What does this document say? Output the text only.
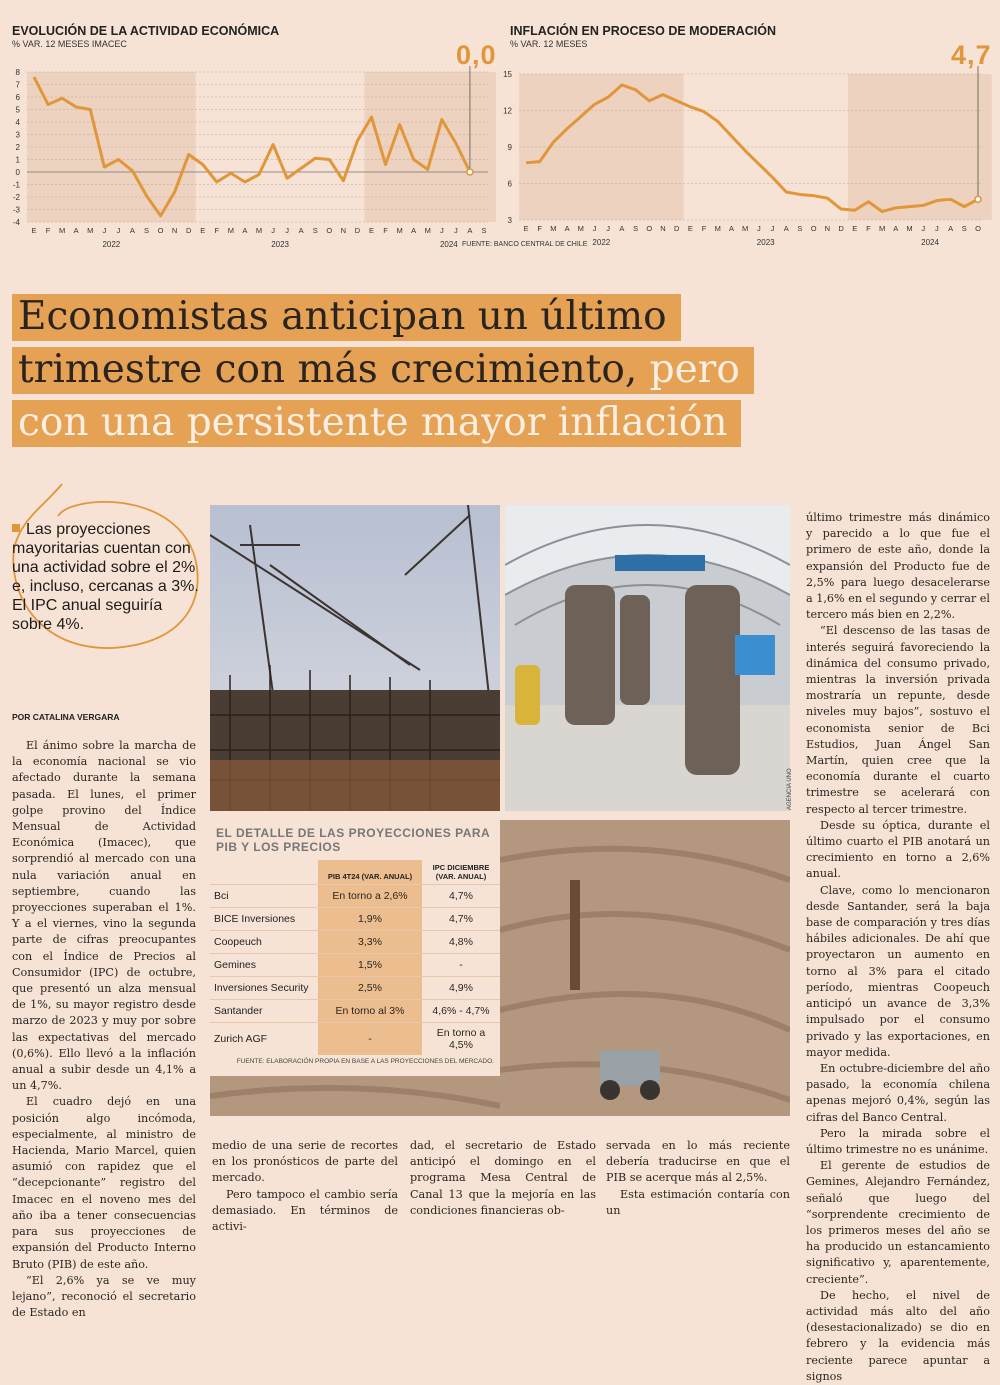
EVOLUCIÓN DE LA ACTIVIDAD ECONÓMICA
% VAR. 12 MESES IMACEC	0,0
8
7
6
5
4
3
2
1
0
-1
-2
-3
-4
E F M A M J J A S O N D E F M A M J J A S O N D E F M A M J J A S
2022	2023	2024
INFLACIÓN EN PROCESO DE MODERACIÓN
% VAR. 12 MESES	4,7
15
12
9
6
3
E F M A M J J A S O N D E F M A M J J A S O N D E F M A M J J A S O
2022	2023	2024
FUENTE: BANCO CENTRAL DE CHILE
Economistas anticipan un último
trimestre con más crecimiento, pero
con una persistente mayor inflación
Las proyecciones mayoritarias cuentan con una actividad sobre el 2% e, incluso, cercanas a 3%. El IPC anual seguiría sobre 4%.
POR CATALINA VERGARA
AGENCIA UNO
EL DETALLE DE LAS PROYECCIONES PARA
PIB Y LOS PRECIOS
	PIB 4T24 (VAR. ANUAL)	IPC DICIEMBRE (VAR. ANUAL)
Bci	En torno a 2,6%	4,7%
BICE Inversiones	1,9%	4,7%
Coopeuch	3,3%	4,8%
Gemines	1,5%	-
Inversiones Security	2,5%	4,9%
Santander	En torno al 3%	4,6% - 4,7%
Zurich AGF	-	En torno a 4,5%
FUENTE: ELABORACIÓN PROPIA EN BASE A LAS PROYECCIONES DEL MERCADO.

El ánimo sobre la marcha de la economía nacional se vio afectado durante la semana pasada. El lunes, el primer golpe provino del Índice Mensual de Actividad Económica (Imacec), que sorprendió al mercado con una nula variación anual en septiembre, cuando las proyecciones superaban el 1%. Y a el viernes, vino la segunda parte de cifras preocupantes con el Índice de Precios al Consumidor (IPC) de octubre, que presentó un alza mensual de 1%, su mayor registro desde marzo de 2023 y muy por sobre las expectativas del mercado (0,6%). Ello llevó a la inflación anual a subir desde un 4,1% a un 4,7%.

El cuadro dejó en una posición algo incómoda, especialmente, al ministro de Hacienda, Mario Marcel, quien asumió con rapidez que el “decepcionante” registro del Imacec en el noveno mes del año iba a tener consecuencias para sus proyecciones de expansión del Producto Interno Bruto (PIB) de este año.

“El 2,6% ya se ve muy lejano”, reconoció el secretario de Estado en

medio de una serie de recortes en los pronósticos de parte del mercado.

Pero tampoco el cambio sería demasiado. En términos de activi-

dad, el secretario de Estado anticipó el domingo en el programa Mesa Central de Canal 13 que la mejoría en las condiciones financieras ob-

servada en lo más reciente debería traducirse en que el PIB se acerque más al 2,5%.

Esta estimación contaría con un

último trimestre más dinámico y parecido a lo que fue el primero de este año, donde la expansión del Producto fue de 2,5% para luego desacelerarse a 1,6% en el segundo y cerrar el tercero más bien en 2,2%.

“El descenso de las tasas de interés seguirá favoreciendo la dinámica del consumo privado, mientras la inversión privada mostraría un repunte, desde niveles muy bajos”, sostuvo el economista senior de Bci Estudios, Juan Ángel San Martín, quien cree que la economía durante el cuarto trimestre se acelerará con respecto al tercer trimestre.

Desde su óptica, durante el último cuarto el PIB anotará un crecimiento en torno a 2,6% anual.

Clave, como lo mencionaron desde Santander, será la baja base de comparación y tres días hábiles adicionales. De ahí que proyectaron un aumento en torno al 3% para el citado período, mientras Coopeuch anticipó un avance de 3,3% impulsado por el consumo privado y las exportaciones, en mayor medida.

En octubre-diciembre del año pasado, la economía chilena apenas mejoró 0,4%, según las cifras del Banco Central.

Pero la mirada sobre el último trimestre no es unánime.

El gerente de estudios de Gemines, Alejandro Fernández, señaló que luego del “sorprendente crecimiento de los primeros meses del año se ha producido un estancamiento significativo y, aparentemente, creciente”.

De hecho, el nivel de actividad más alto del año (desestacionalizado) se dio en febrero y la evidencia más reciente parece apuntar a signos
